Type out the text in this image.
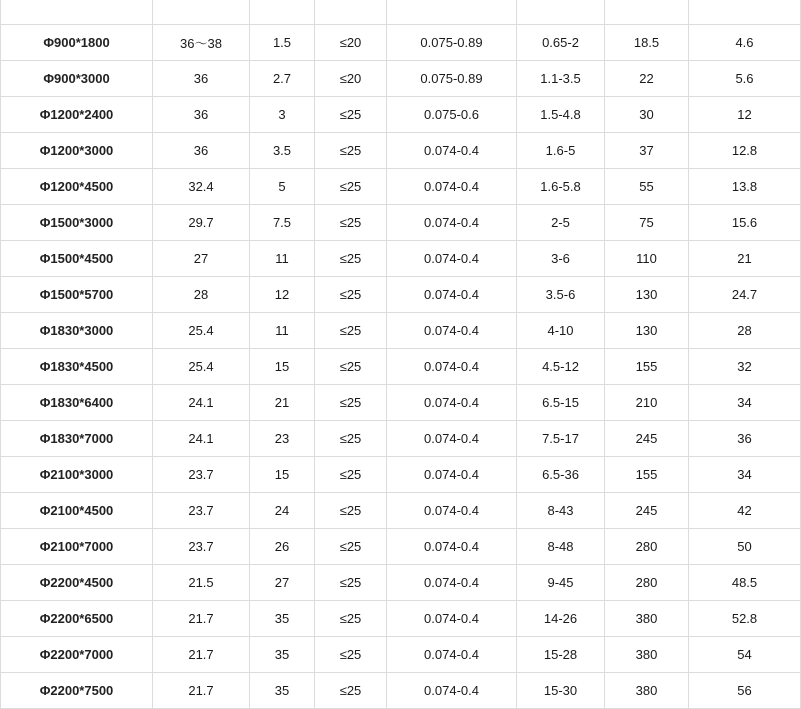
Φ900*1800	36～38	1.5	≤20	0.075-0.89	0.65-2	18.5	4.6
Φ900*3000	36	2.7	≤20	0.075-0.89	1.1-3.5	22	5.6
Φ1200*2400	36	3	≤25	0.075-0.6	1.5-4.8	30	12
Φ1200*3000	36	3.5	≤25	0.074-0.4	1.6-5	37	12.8
Φ1200*4500	32.4	5	≤25	0.074-0.4	1.6-5.8	55	13.8
Φ1500*3000	29.7	7.5	≤25	0.074-0.4	2-5	75	15.6
Φ1500*4500	27	11	≤25	0.074-0.4	3-6	110	21
Φ1500*5700	28	12	≤25	0.074-0.4	3.5-6	130	24.7
Φ1830*3000	25.4	11	≤25	0.074-0.4	4-10	130	28
Φ1830*4500	25.4	15	≤25	0.074-0.4	4.5-12	155	32
Φ1830*6400	24.1	21	≤25	0.074-0.4	6.5-15	210	34
Φ1830*7000	24.1	23	≤25	0.074-0.4	7.5-17	245	36
Φ2100*3000	23.7	15	≤25	0.074-0.4	6.5-36	155	34
Φ2100*4500	23.7	24	≤25	0.074-0.4	8-43	245	42
Φ2100*7000	23.7	26	≤25	0.074-0.4	8-48	280	50
Φ2200*4500	21.5	27	≤25	0.074-0.4	9-45	280	48.5
Φ2200*6500	21.7	35	≤25	0.074-0.4	14-26	380	52.8
Φ2200*7000	21.7	35	≤25	0.074-0.4	15-28	380	54
Φ2200*7500	21.7	35	≤25	0.074-0.4	15-30	380	56
